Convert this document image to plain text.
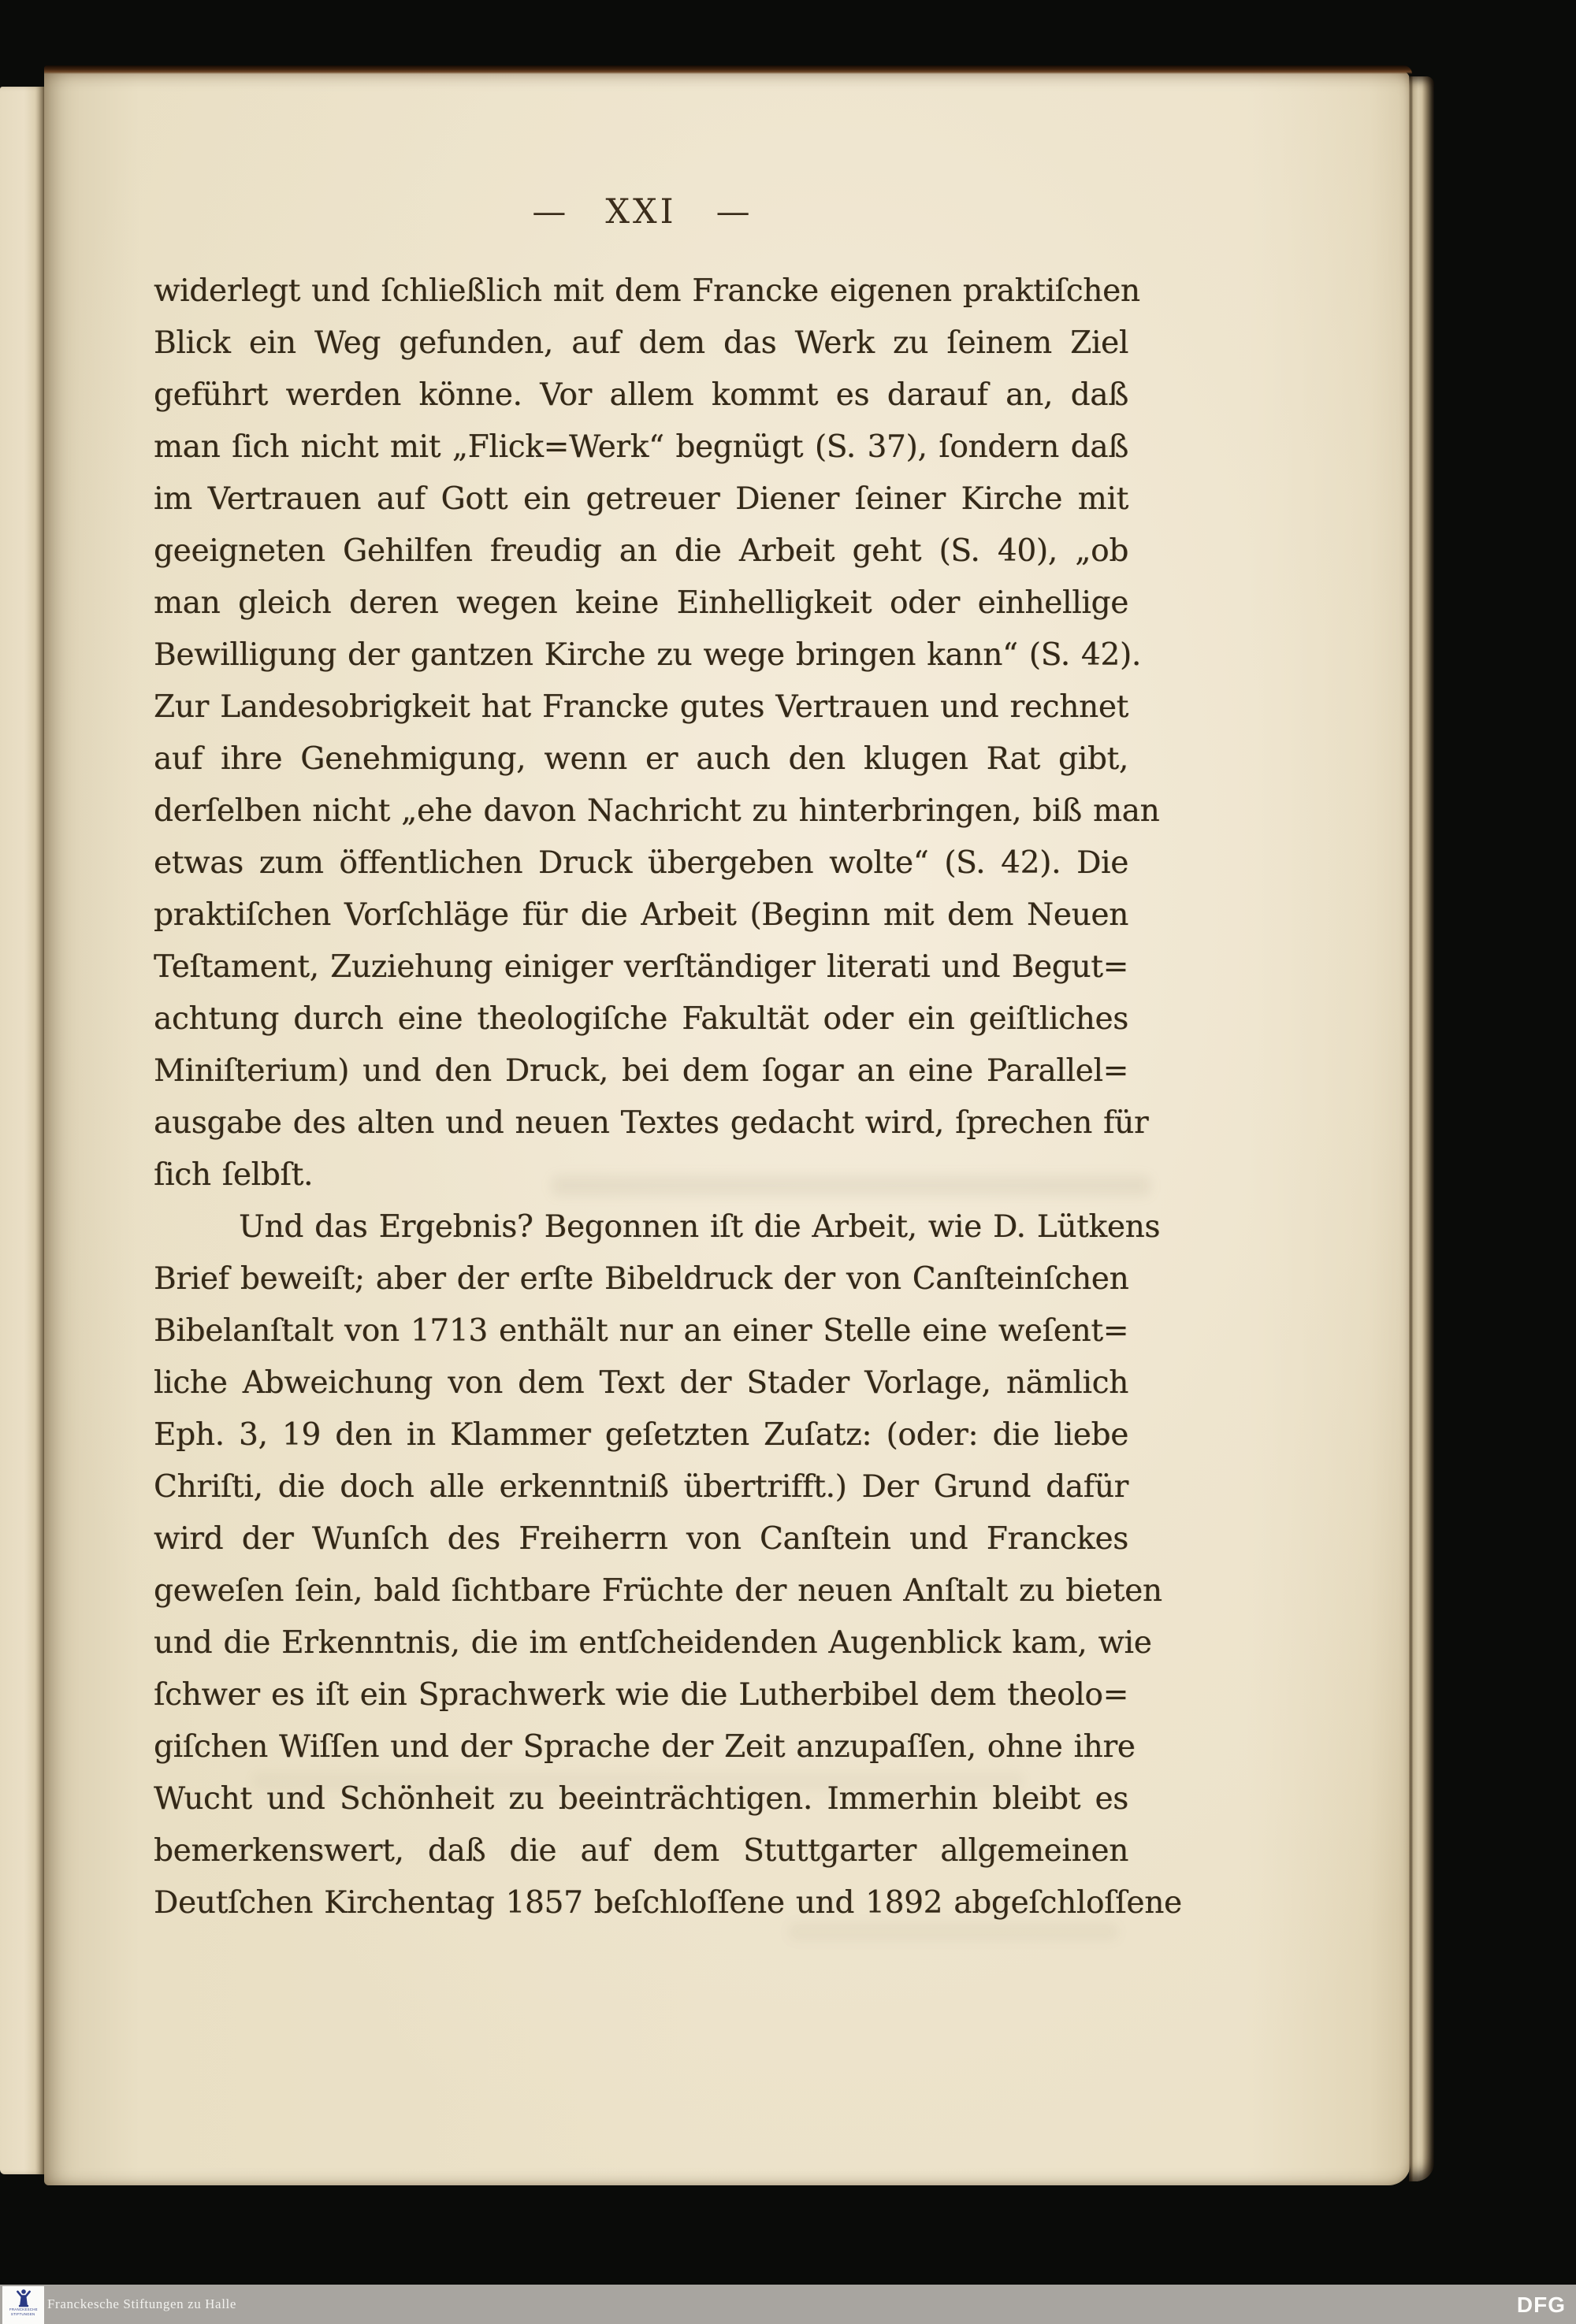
— XXI —
widerlegt und ſchließlich mit dem Francke eigenen praktiſchen
Blick ein Weg gefunden, auf dem das Werk zu ſeinem Ziel
geführt werden könne. Vor allem kommt es darauf an, daß
man ſich nicht mit „Flick=Werk“ begnügt (S. 37), ſondern daß
im Vertrauen auf Gott ein getreuer Diener ſeiner Kirche mit
geeigneten Gehilfen freudig an die Arbeit geht (S. 40), „ob
man gleich deren wegen keine Einhelligkeit oder einhellige
Bewilligung der gantzen Kirche zu wege bringen kann“ (S. 42).
Zur Landesobrigkeit hat Francke gutes Vertrauen und rechnet
auf ihre Genehmigung, wenn er auch den klugen Rat gibt,
derſelben nicht „ehe davon Nachricht zu hinterbringen, biß man
etwas zum öffentlichen Druck übergeben wolte“ (S. 42). Die
praktiſchen Vorſchläge für die Arbeit (Beginn mit dem Neuen
Teſtament, Zuziehung einiger verſtändiger literati und Begut=
achtung durch eine theologiſche Fakultät oder ein geiſtliches
Miniſterium) und den Druck, bei dem ſogar an eine Parallel=
ausgabe des alten und neuen Textes gedacht wird, ſprechen für
ſich ſelbſt.
Und das Ergebnis? Begonnen iſt die Arbeit, wie D. Lütkens
Brief beweiſt; aber der erſte Bibeldruck der von Canſteinſchen
Bibelanſtalt von 1713 enthält nur an einer Stelle eine weſent=
liche Abweichung von dem Text der Stader Vorlage, nämlich
Eph. 3, 19 den in Klammer geſetzten Zuſatz: (oder: die liebe
Chriſti, die doch alle erkenntniß übertrifft.) Der Grund dafür
wird der Wunſch des Freiherrn von Canſtein und Franckes
geweſen ſein, bald ſichtbare Früchte der neuen Anſtalt zu bieten
und die Erkenntnis, die im entſcheidenden Augenblick kam, wie
ſchwer es iſt ein Sprachwerk wie die Lutherbibel dem theolo=
giſchen Wiſſen und der Sprache der Zeit anzupaſſen, ohne ihre
Wucht und Schönheit zu beeinträchtigen. Immerhin bleibt es
bemerkenswert, daß die auf dem Stuttgarter allgemeinen
Deutſchen Kirchentag 1857 beſchloſſene und 1892 abgeſchloſſene
FRANCKESCHE
STIFTUNGEN
Franckesche Stiftungen zu Halle	DFG
